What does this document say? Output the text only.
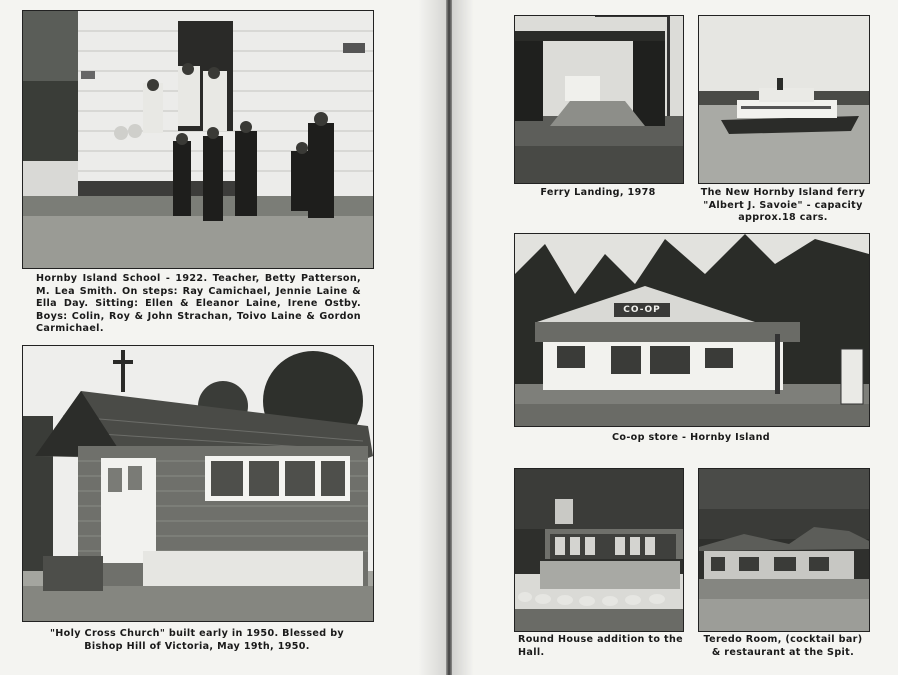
Hornby Island School - 1922. Teacher, Betty Patterson, M. Lea Smith. On steps: Ray Camichael, Jennie Laine & Ella Day. Sitting: Ellen & Eleanor Laine, Irene Ostby. Boys: Colin, Roy & John Strachan, Toivo Laine & Gordon Carmichael.
"Holy Cross Church" built early in 1950. Blessed by Bishop Hill of Victoria, May 19th, 1950.
Ferry Landing, 1978	The New Hornby Island ferry "Albert J. Savoie" - capacity approx.18 cars.
CO-OP
Co-op store - Hornby Island
Round House addition to the Hall.
Teredo Room, (cocktail bar) & restaurant at the Spit.
